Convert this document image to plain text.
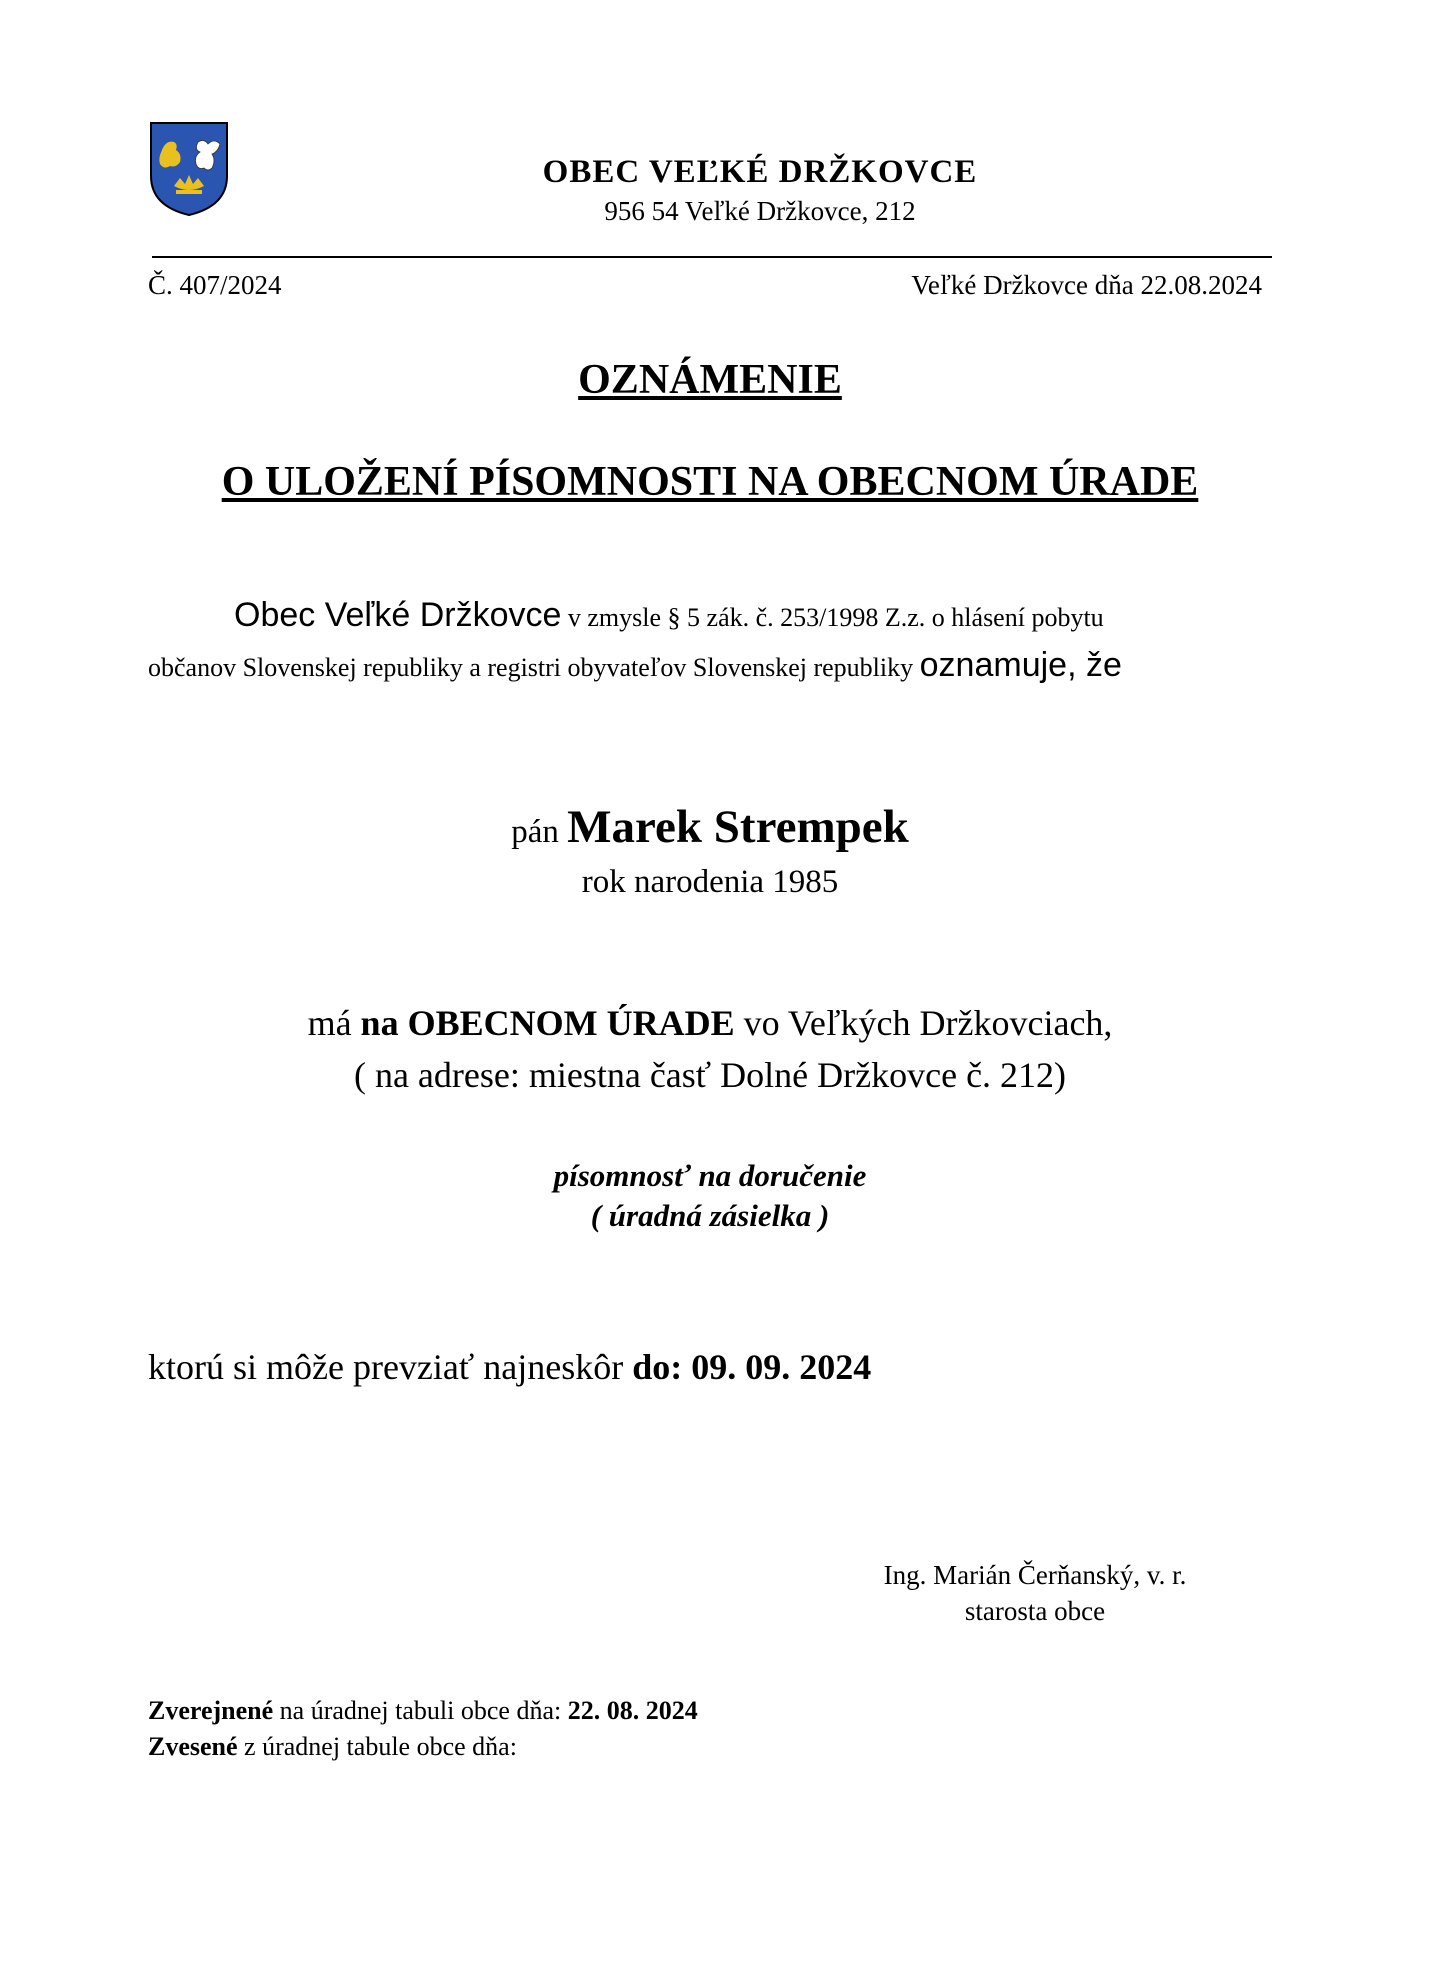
OBEC VEĽKÉ DRŽKOVCE
956 54 Veľké Držkovce, 212
Č. 407/2024	Veľké Držkovce dňa 22.08.2024
OZNÁMENIE
O ULOŽENÍ PÍSOMNOSTI NA OBECNOM ÚRADE
Obec Veľké Držkovce v zmysle § 5 zák. č. 253/1998 Z.z. o hlásení pobytu
občanov Slovenskej republiky a registri obyvateľov Slovenskej republiky oznamuje, že
pán Marek Strempek
rok narodenia 1985
má na OBECNOM ÚRADE vo Veľkých Držkovciach,
( na adrese: miestna časť Dolné Držkovce č. 212)
písomnosť na doručenie
( úradná zásielka )
ktorú si môže prevziať najneskôr do: 09. 09. 2024
Ing. Marián Čerňanský, v. r.
starosta obce
Zverejnené na úradnej tabuli obce dňa: 22. 08. 2024
Zvesené z úradnej tabule obce dňa:
